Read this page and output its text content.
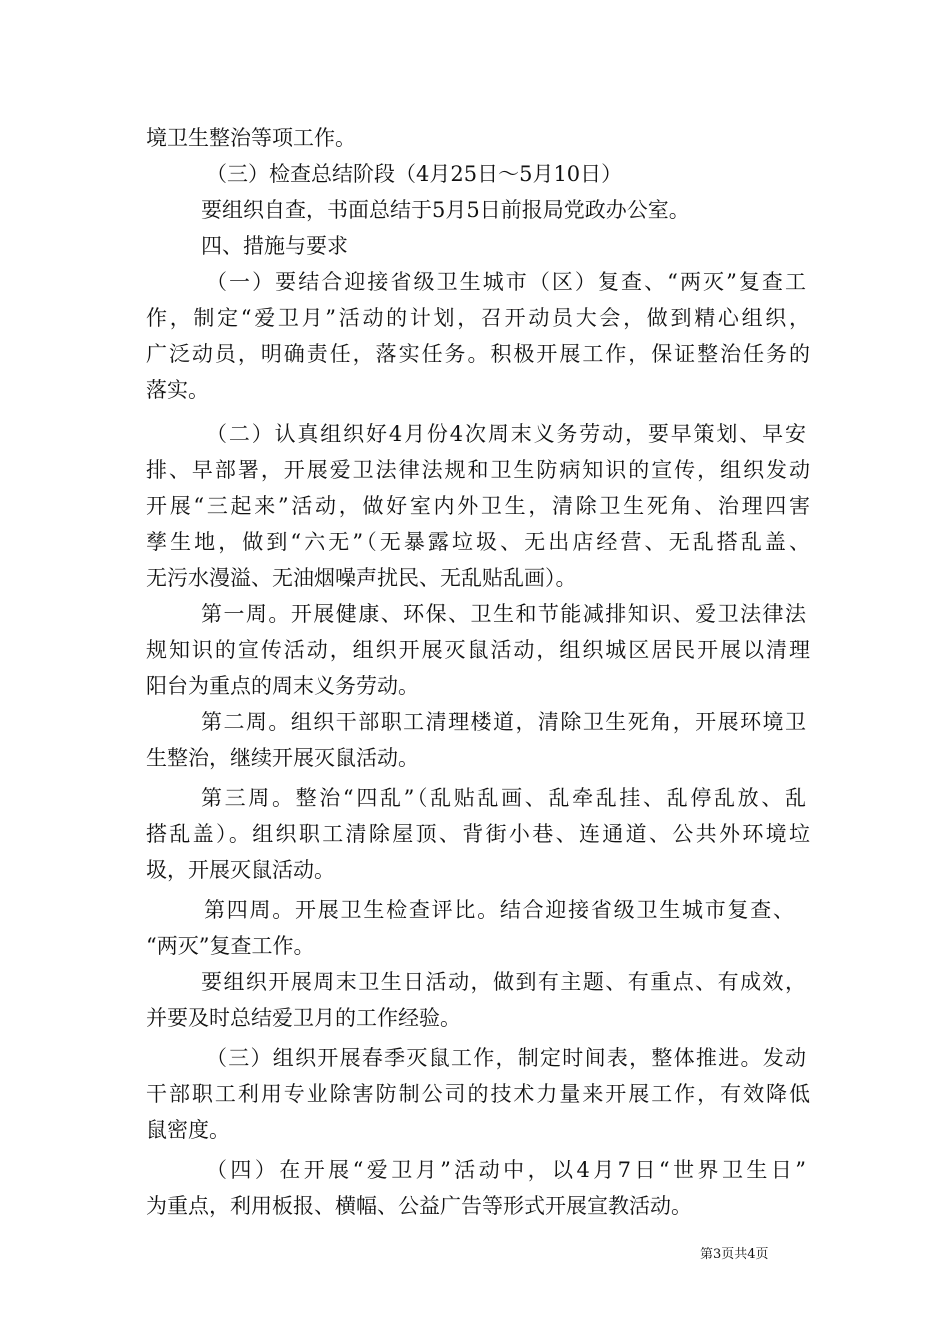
境卫生整治等项工作。
（三）检查总结阶段（4月25日～5月10日）
要组织自查，书面总结于5月5日前报局党政办公室。
四、措施与要求
（一）要结合迎接省级卫生城市（区）复查、“两灭”复查工
作，制定“爱卫月”活动的计划，召开动员大会，做到精心组织，
广泛动员，明确责任，落实任务。积极开展工作，保证整治任务的
落实。
（二）认真组织好4月份4次周末义务劳动，要早策划、早安
排、早部署，开展爱卫法律法规和卫生防病知识的宣传，组织发动
开展“三起来”活动，做好室内外卫生，清除卫生死角、治理四害
孳生地，做到“六无”（无暴露垃圾、无出店经营、无乱搭乱盖、
无污水漫溢、无油烟噪声扰民、无乱贴乱画）。
第一周。开展健康、环保、卫生和节能减排知识、爱卫法律法
规知识的宣传活动，组织开展灭鼠活动，组织城区居民开展以清理
阳台为重点的周末义务劳动。
第二周。组织干部职工清理楼道，清除卫生死角，开展环境卫
生整治，继续开展灭鼠活动。
第三周。整治“四乱”（乱贴乱画、乱牵乱挂、乱停乱放、乱
搭乱盖）。组织职工清除屋顶、背街小巷、连通道、公共外环境垃
圾，开展灭鼠活动。
第四周。开展卫生检查评比。结合迎接省级卫生城市复查、
“两灭”复查工作。
要组织开展周末卫生日活动，做到有主题、有重点、有成效，
并要及时总结爱卫月的工作经验。
（三）组织开展春季灭鼠工作，制定时间表，整体推进。发动
干部职工利用专业除害防制公司的技术力量来开展工作，有效降低
鼠密度。
（四）在开展“爱卫月”活动中，以4月7日“世界卫生日”
为重点，利用板报、横幅、公益广告等形式开展宣教活动。
第3页共4页
